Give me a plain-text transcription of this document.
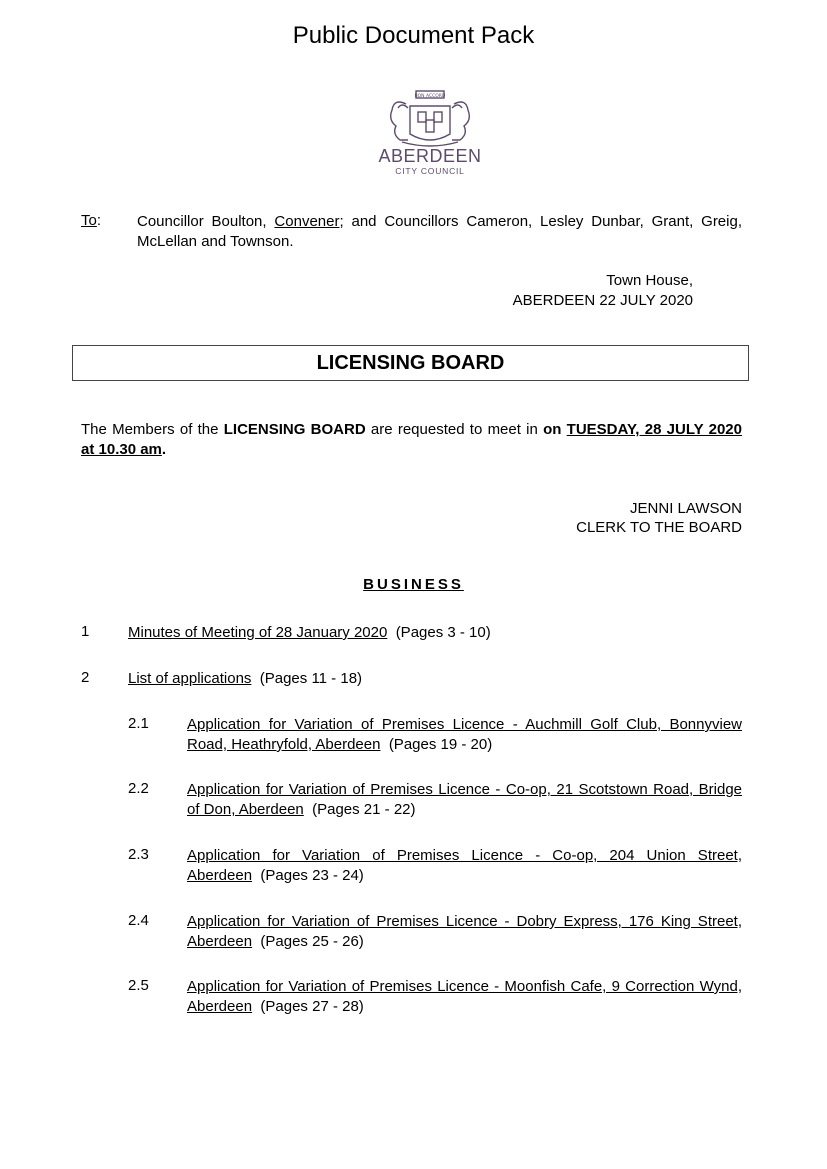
Public Document Pack
BON ACCORD
ABERDEEN
CITY COUNCIL
To: Councillor Boulton, Convener; and Councillors Cameron, Lesley Dunbar, Grant, Greig, McLellan and Townson.
Town House,
ABERDEEN 22 JULY 2020
LICENSING BOARD
The Members of the LICENSING BOARD are requested to meet in on TUESDAY, 28 JULY 2020 at 10.30 am.
JENNI LAWSON
CLERK TO THE BOARD
BUSINESS
1	Minutes of Meeting of 28 January 2020 (Pages 3 - 10)
2	List of applications (Pages 11 - 18)
2.1	Application for Variation of Premises Licence - Auchmill Golf Club, Bonnyview Road, Heathryfold, Aberdeen (Pages 19 - 20)
2.2	Application for Variation of Premises Licence - Co-op, 21 Scotstown Road, Bridge of Don, Aberdeen (Pages 21 - 22)
2.3	Application for Variation of Premises Licence - Co-op, 204 Union Street, Aberdeen (Pages 23 - 24)
2.4	Application for Variation of Premises Licence - Dobry Express, 176 King Street, Aberdeen (Pages 25 - 26)
2.5	Application for Variation of Premises Licence - Moonfish Cafe, 9 Correction Wynd, Aberdeen (Pages 27 - 28)
